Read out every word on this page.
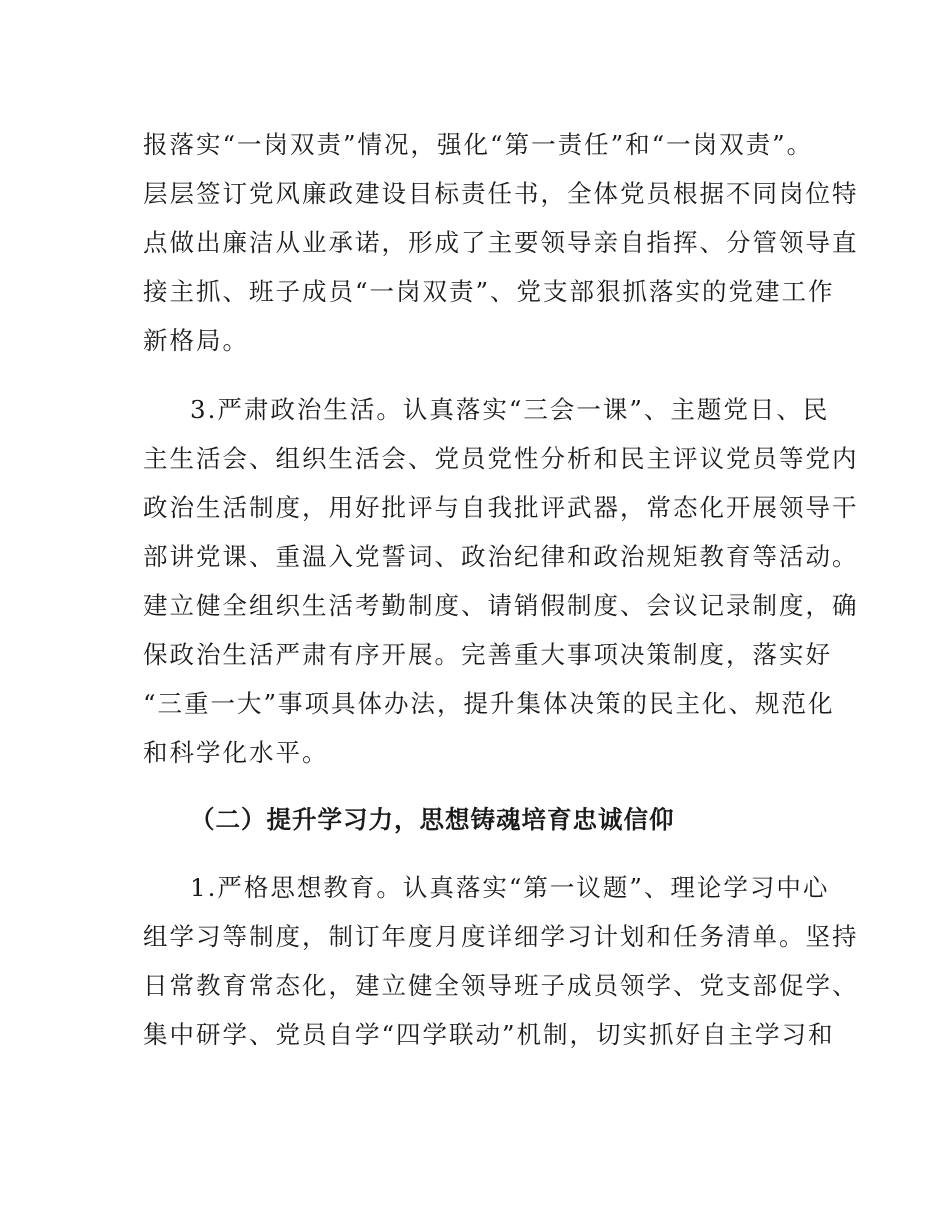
报落实“一岗双责”情况，强化“第一责任”和“一岗双责”。
层层签订党风廉政建设目标责任书，全体党员根据不同岗位特
点做出廉洁从业承诺，形成了主要领导亲自指挥、分管领导直
接主抓、班子成员“一岗双责”、党支部狠抓落实的党建工作
新格局。
3.严肃政治生活。认真落实“三会一课”、主题党日、民
主生活会、组织生活会、党员党性分析和民主评议党员等党内
政治生活制度，用好批评与自我批评武器，常态化开展领导干
部讲党课、重温入党誓词、政治纪律和政治规矩教育等活动。
建立健全组织生活考勤制度、请销假制度、会议记录制度，确
保政治生活严肃有序开展。完善重大事项决策制度，落实好
“三重一大”事项具体办法，提升集体决策的民主化、规范化
和科学化水平。
（二）提升学习力，思想铸魂培育忠诚信仰
1.严格思想教育。认真落实“第一议题”、理论学习中心
组学习等制度，制订年度月度详细学习计划和任务清单。坚持
日常教育常态化，建立健全领导班子成员领学、党支部促学、
集中研学、党员自学“四学联动”机制，切实抓好自主学习和
